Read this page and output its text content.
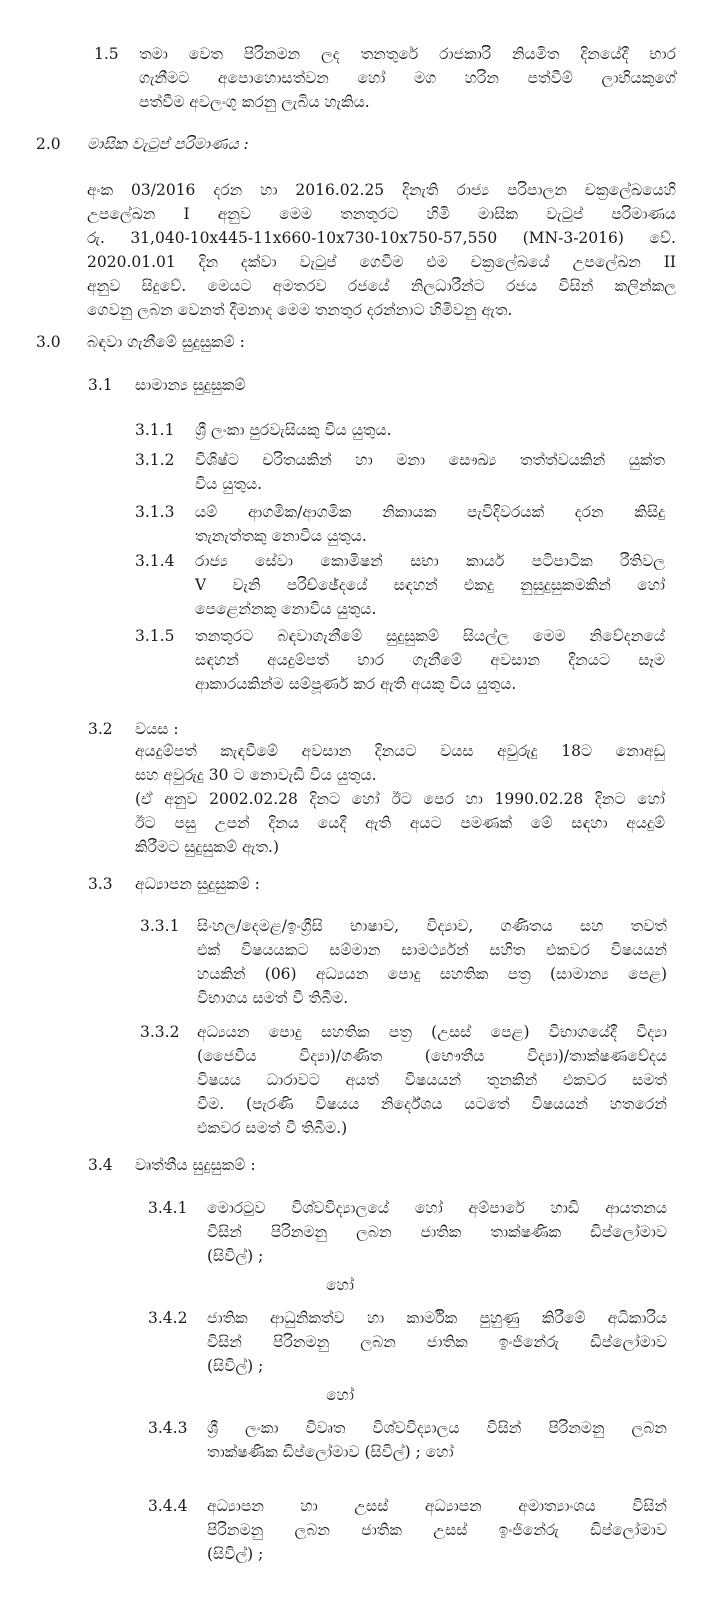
1.5 තමා වෙත පිරිනමන ලද තනතුරේ රාජකාරි නියමිත දිනයේදී භාර
ගැනීමට අපොහොසත්වන හෝ මග හරින පත්වීම් ලාභියකුගේ
පත්වීම අවලංගු කරනු ලැබිය හැකිය.
2.0 මාසික වැටුප් පරිමාණය :
අංක 03/2016 දරන හා 2016.02.25 දිනැති රාජ්‍ය පරිපාලන චක්‍රලේඛයෙහි
උපලේඛන I අනුව මෙම තනතුරට හිමි මාසික වැටුප් පරිමාණය
රු. 31,040-10x445-11x660-10x730-10x750-57,550 (MN-3-2016) වේ.
2020.01.01 දින දක්වා වැටුප් ගෙවීම එම චක්‍රලේඛයේ උපලේඛන II
අනුව සිදුවේ. මෙයට අමතරව රජයේ නිලධාරීන්ට රජය විසින් කලින්කල
ගෙවනු ලබන වෙනත් දීමනාද මෙම තනතුර දරන්නාට හිමිවනු ඇත.
3.0 බඳවා ගැනීමේ සුදුසුකම් :
3.1 සාමාන්‍ය සුදුසුකම්
3.1.1 ශ්‍රී ලංකා පුරවැසියකු විය යුතුය.
3.1.2 විශිෂ්ට චරිතයකින් හා මනා සෞඛ්‍ය තත්ත්වයකින් යුක්ත
විය යුතුය.
3.1.3 යම් ආගමික/ආගමික නිකායක පැවිදිවරයක් දරන කිසිදු
තැනැත්තකු නොවිය යුතුය.
3.1.4 රාජ්‍ය සේවා කොමිෂන් සභා කාර්ය පටිපාටික රීතිවල
V වැනි පරිච්ඡේදයේ සඳහන් එකදු නුසුදුසුකමකින් හෝ
පෙළෙන්නකු නොවිය යුතුය.
3.1.5 තනතුරට බඳවාගැනීමේ සුදුසුකම් සියල්ල මෙම නිවේදනයේ
සඳහන් අයදුම්පත් භාර ගැනීමේ අවසාන දිනයට සෑම
ආකාරයකින්ම සම්පූර්ණ කර ඇති අයකු විය යුතුය.
3.2 වයස :
අයදුම්පත් කැඳවීමේ අවසාන දිනයට වයස අවුරුදු 18ට නොඅඩු
සහ අවුරුදු 30 ට නොවැඩි විය යුතුය.
(ඒ අනුව 2002.02.28 දිනට හෝ ඊට පෙර හා 1990.02.28 දිනට හෝ
ඊට පසු උපන් දිනය යෙදී ඇති අයට පමණක් මේ සඳහා අයදුම්
කිරීමට සුදුසුකම් ඇත.)
3.3 අධ්‍යාපන සුදුසුකම් :
3.3.1 සිංහල/දෙමළ/ඉංග්‍රීසි භාෂාව, විද්‍යාව, ගණිතය සහ තවත්
එක් විෂයයකට සම්මාන සාමර්ථ්‍යන් සහිත එකවර විෂයයන්
හයකින් (06) අධ්‍යයන පොදු සහතික පත්‍ර (සාමාන්‍ය පෙළ)
විභාගය සමත් වී තිබීම.
3.3.2 අධ්‍යයන පොදු සහතික පත්‍ර (උසස් පෙළ) විභාගයේදී විද්‍යා
(ජෛවීය විද්‍යා)/ගණිත (භෞතීය විද්‍යා)/තාක්ෂණවේදය
විෂයය ධාරාවට අයත් විෂයයන් තුනකින් එකවර සමත්
වීම. (පැරණි විෂයය නිර්දේශය යටතේ විෂයයන් හතරෙන්
එකවර සමත් වී තිබීම.)
3.4 වෘත්තීය සුදුසුකම් :
3.4.1 මොරටුව විශ්වවිද්‍යාලයේ හෝ අම්පාරේ හාඩි ආයතනය
විසින් පිරිනමනු ලබන ජාතික තාක්ෂණික ඩිප්ලෝමාව
(සිවිල්) ;
හෝ
3.4.2 ජාතික ආධුනිකත්ව හා කාර්මික පුහුණු කිරීමේ අධිකාරිය
විසින් පිරිනමනු ලබන ජාතික ඉංජිනේරු ඩිප්ලෝමාව
(සිවිල්) ;
හෝ
3.4.3 ශ්‍රී ලංකා විවෘත විශ්වවිද්‍යාලය විසින් පිරිනමනු ලබන
තාක්ෂණික ඩිප්ලෝමාව (සිවිල්) ; හෝ
3.4.4 අධ්‍යාපන හා උසස් අධ්‍යාපන අමාත්‍යාංශය විසින්
පිරිනමනු ලබන ජාතික උසස් ඉංජිනේරු ඩිප්ලෝමාව
(සිවිල්) ;
